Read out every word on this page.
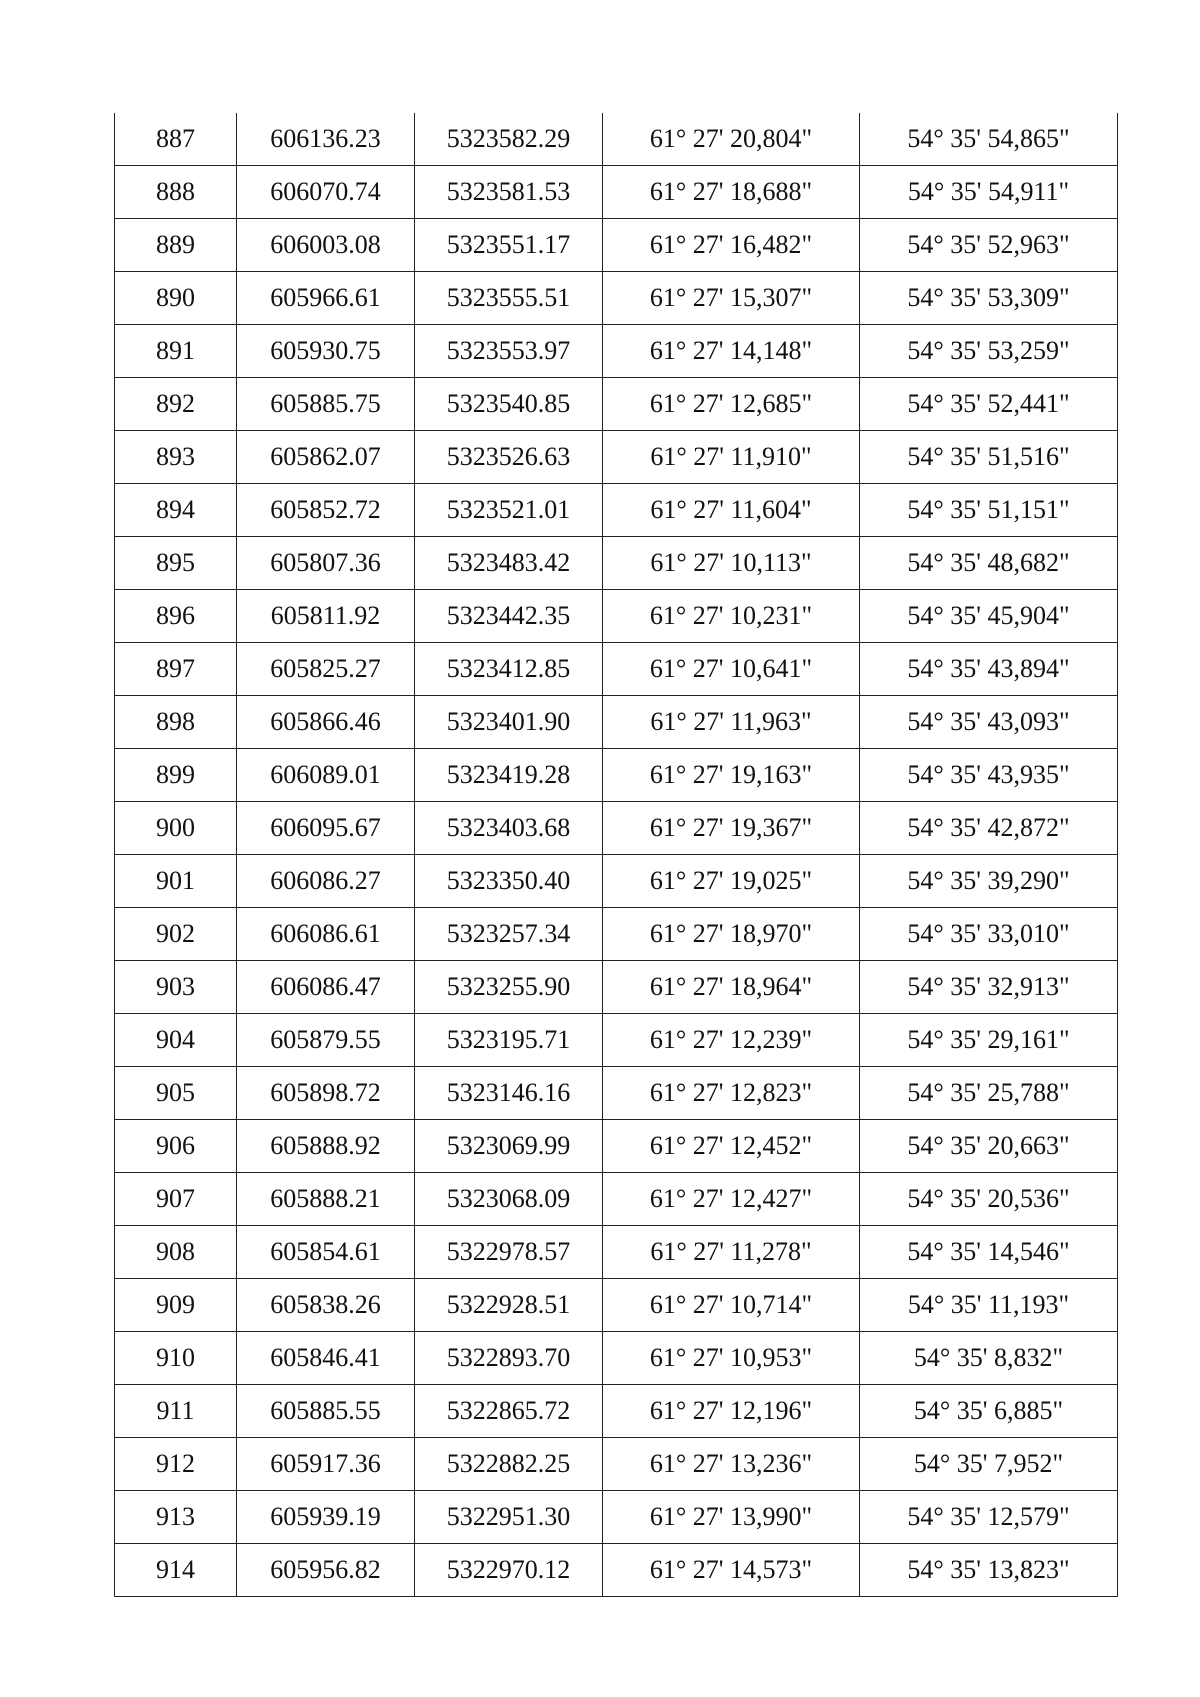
887	606136.23	5323582.29	61° 27' 20,804"	54° 35' 54,865"
888	606070.74	5323581.53	61° 27' 18,688"	54° 35' 54,911"
889	606003.08	5323551.17	61° 27' 16,482"	54° 35' 52,963"
890	605966.61	5323555.51	61° 27' 15,307"	54° 35' 53,309"
891	605930.75	5323553.97	61° 27' 14,148"	54° 35' 53,259"
892	605885.75	5323540.85	61° 27' 12,685"	54° 35' 52,441"
893	605862.07	5323526.63	61° 27' 11,910"	54° 35' 51,516"
894	605852.72	5323521.01	61° 27' 11,604"	54° 35' 51,151"
895	605807.36	5323483.42	61° 27' 10,113"	54° 35' 48,682"
896	605811.92	5323442.35	61° 27' 10,231"	54° 35' 45,904"
897	605825.27	5323412.85	61° 27' 10,641"	54° 35' 43,894"
898	605866.46	5323401.90	61° 27' 11,963"	54° 35' 43,093"
899	606089.01	5323419.28	61° 27' 19,163"	54° 35' 43,935"
900	606095.67	5323403.68	61° 27' 19,367"	54° 35' 42,872"
901	606086.27	5323350.40	61° 27' 19,025"	54° 35' 39,290"
902	606086.61	5323257.34	61° 27' 18,970"	54° 35' 33,010"
903	606086.47	5323255.90	61° 27' 18,964"	54° 35' 32,913"
904	605879.55	5323195.71	61° 27' 12,239"	54° 35' 29,161"
905	605898.72	5323146.16	61° 27' 12,823"	54° 35' 25,788"
906	605888.92	5323069.99	61° 27' 12,452"	54° 35' 20,663"
907	605888.21	5323068.09	61° 27' 12,427"	54° 35' 20,536"
908	605854.61	5322978.57	61° 27' 11,278"	54° 35' 14,546"
909	605838.26	5322928.51	61° 27' 10,714"	54° 35' 11,193"
910	605846.41	5322893.70	61° 27' 10,953"	54° 35' 8,832"
911	605885.55	5322865.72	61° 27' 12,196"	54° 35' 6,885"
912	605917.36	5322882.25	61° 27' 13,236"	54° 35' 7,952"
913	605939.19	5322951.30	61° 27' 13,990"	54° 35' 12,579"
914	605956.82	5322970.12	61° 27' 14,573"	54° 35' 13,823"
